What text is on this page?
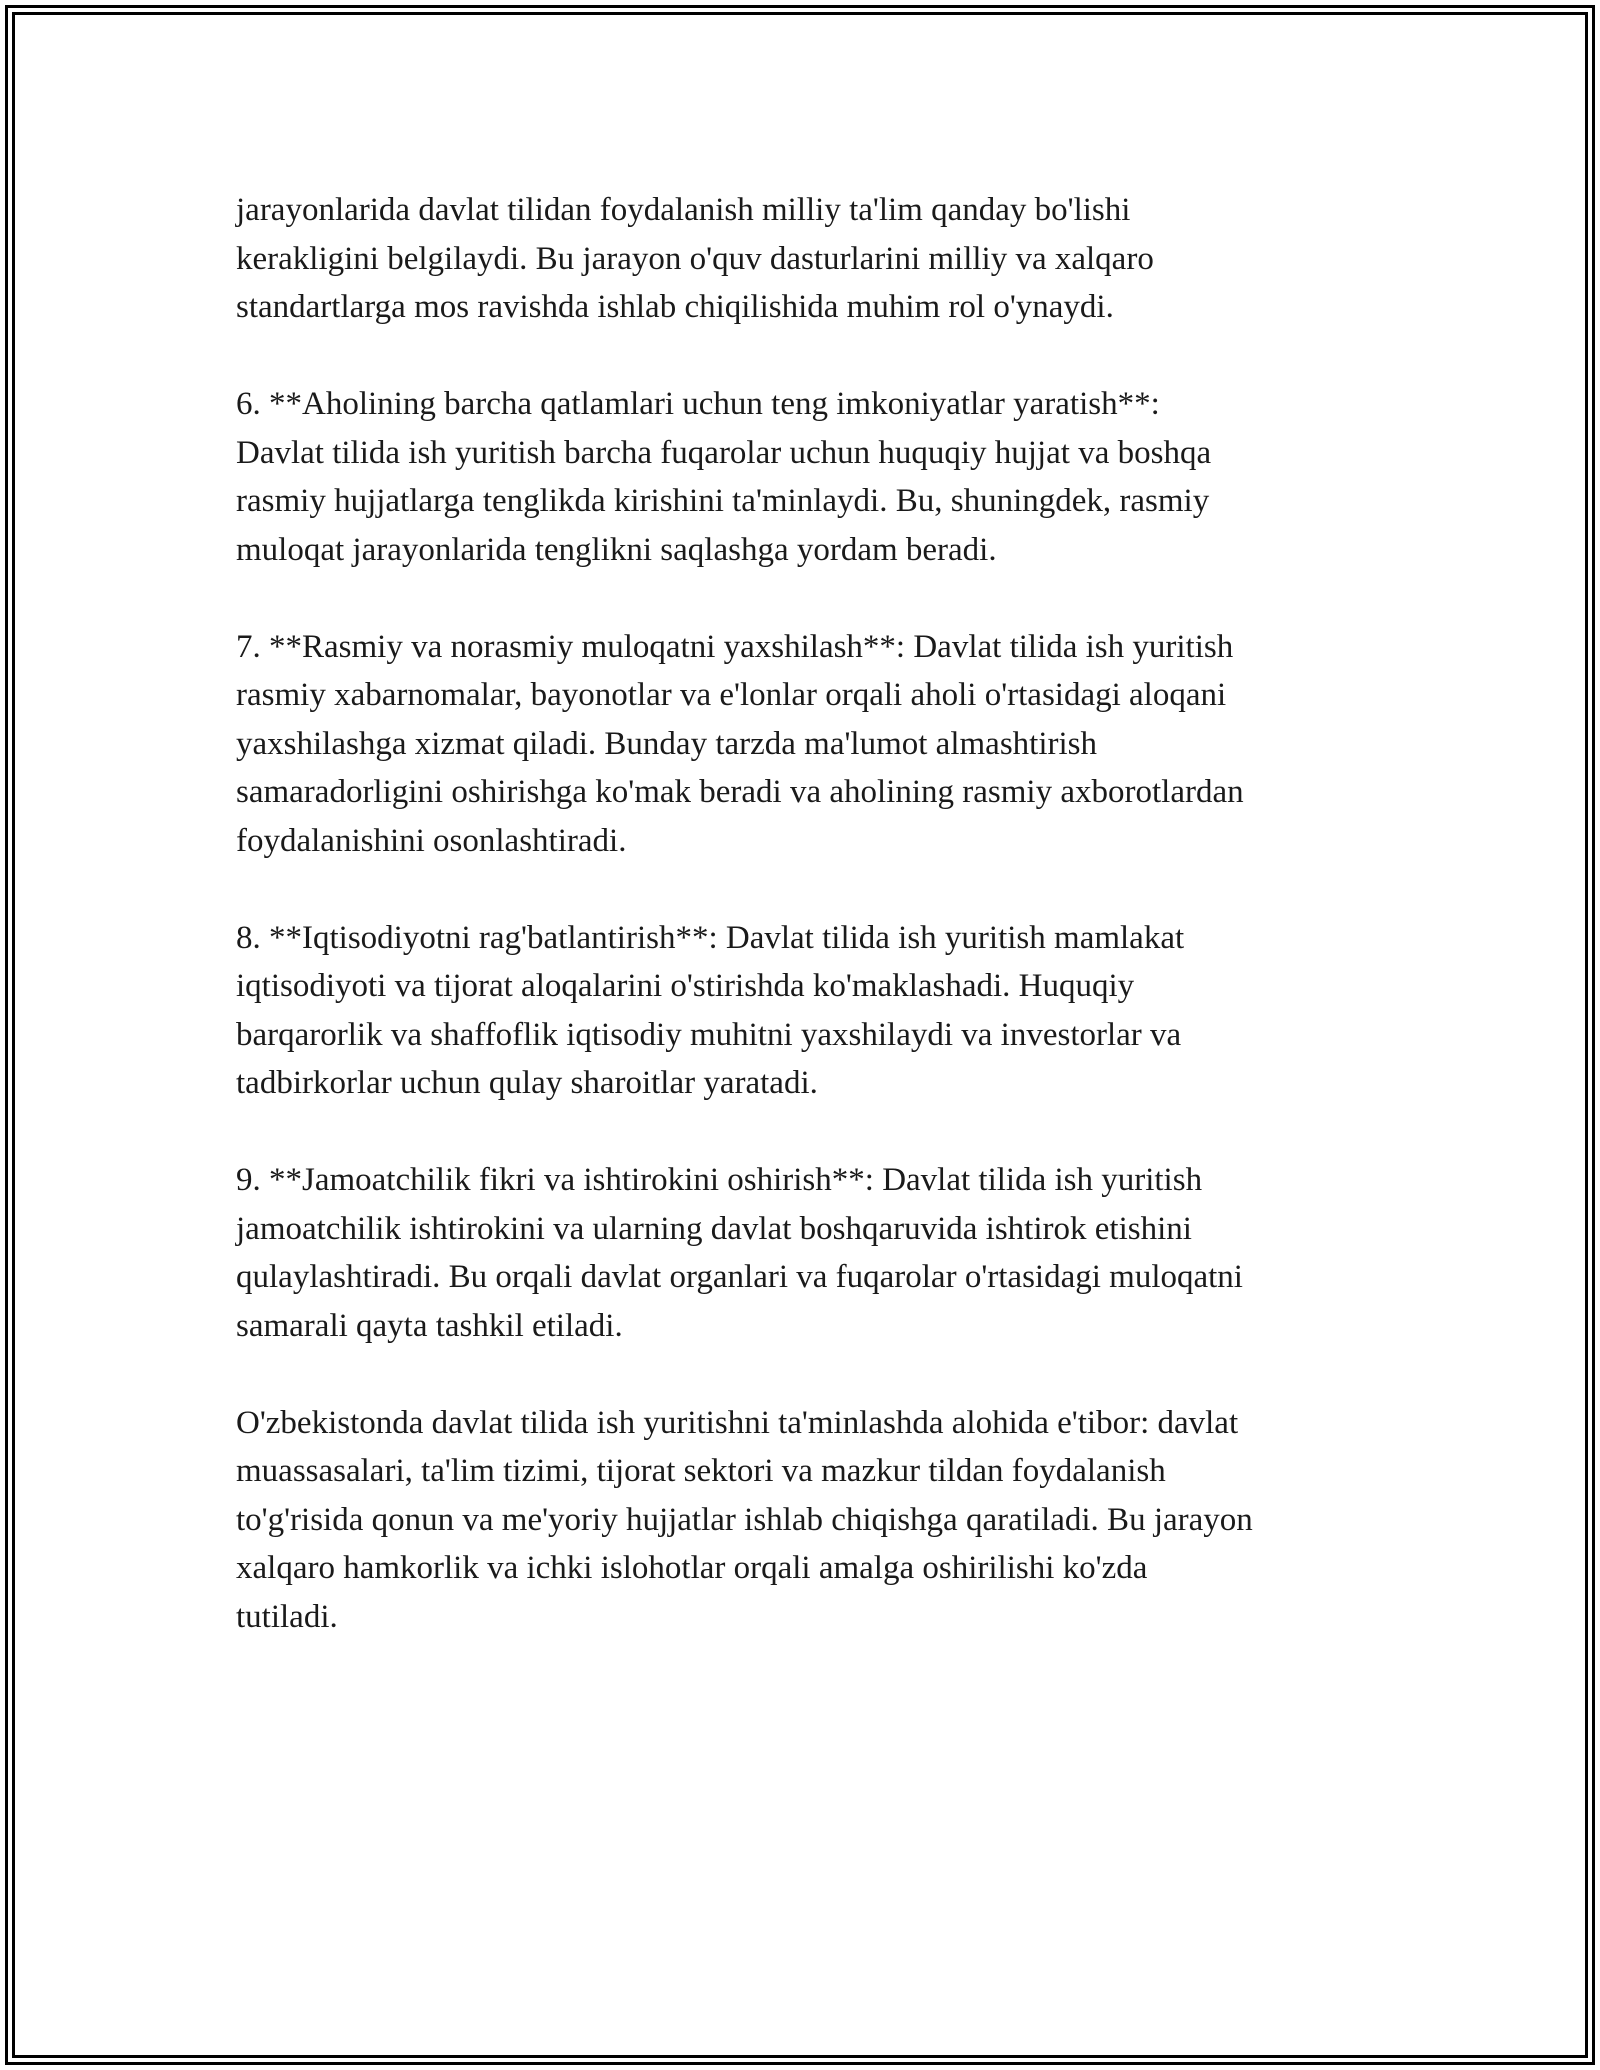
jarayonlarida davlat tilidan foydalanish milliy ta'lim qanday bo'lishi
kerakligini belgilaydi. Bu jarayon o'quv dasturlarini milliy va xalqaro
standartlarga mos ravishda ishlab chiqilishida muhim rol o'ynaydi.

6. **Aholining barcha qatlamlari uchun teng imkoniyatlar yaratish**:
Davlat tilida ish yuritish barcha fuqarolar uchun huquqiy hujjat va boshqa
rasmiy hujjatlarga tenglikda kirishini ta'minlaydi. Bu, shuningdek, rasmiy
muloqat jarayonlarida tenglikni saqlashga yordam beradi.

7. **Rasmiy va norasmiy muloqatni yaxshilash**: Davlat tilida ish yuritish
rasmiy xabarnomalar, bayonotlar va e'lonlar orqali aholi o'rtasidagi aloqani
yaxshilashga xizmat qiladi. Bunday tarzda ma'lumot almashtirish
samaradorligini oshirishga ko'mak beradi va aholining rasmiy axborotlardan
foydalanishini osonlashtiradi.

8. **Iqtisodiyotni rag'batlantirish**: Davlat tilida ish yuritish mamlakat
iqtisodiyoti va tijorat aloqalarini o'stirishda ko'maklashadi. Huquqiy
barqarorlik va shaffoflik iqtisodiy muhitni yaxshilaydi va investorlar va
tadbirkorlar uchun qulay sharoitlar yaratadi.

9. **Jamoatchilik fikri va ishtirokini oshirish**: Davlat tilida ish yuritish
jamoatchilik ishtirokini va ularning davlat boshqaruvida ishtirok etishini
qulaylashtiradi. Bu orqali davlat organlari va fuqarolar o'rtasidagi muloqatni
samarali qayta tashkil etiladi.

O'zbekistonda davlat tilida ish yuritishni ta'minlashda alohida e'tibor: davlat
muassasalari, ta'lim tizimi, tijorat sektori va mazkur tildan foydalanish
to'g'risida qonun va me'yoriy hujjatlar ishlab chiqishga qaratiladi. Bu jarayon
xalqaro hamkorlik va ichki islohotlar orqali amalga oshirilishi ko'zda
tutiladi.
